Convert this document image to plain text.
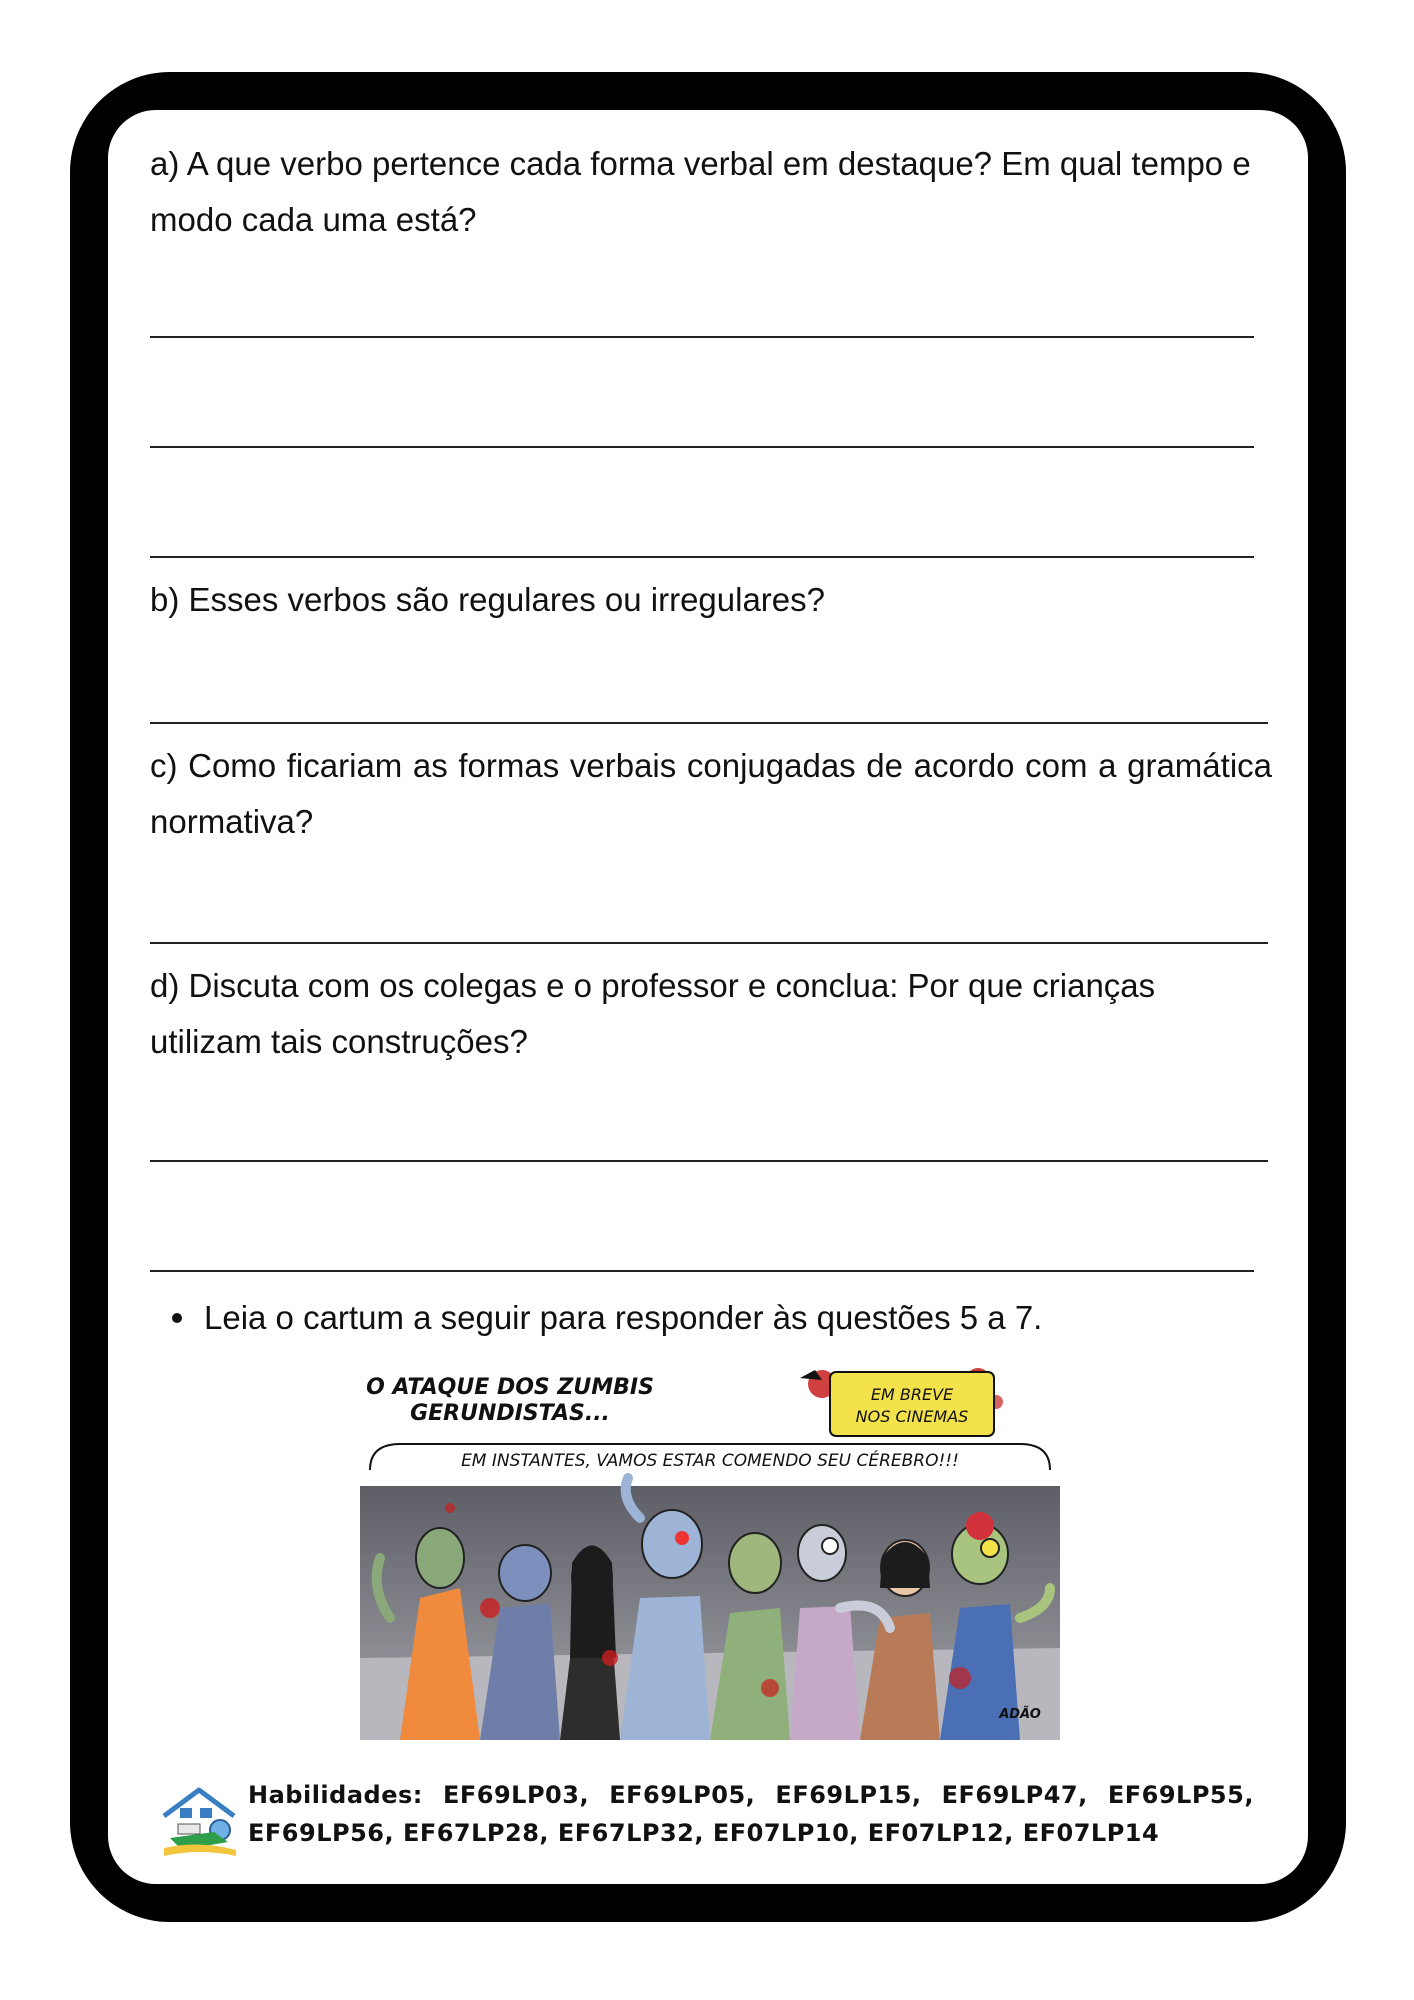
a) A que verbo pertence cada forma verbal em destaque? Em qual tempo e modo cada uma está?

b) Esses verbos são regulares ou irregulares?

c) Como ficariam as formas verbais conjugadas de acordo com a gramática normativa?

d) Discuta com os colegas e o professor e conclua: Por que crianças utilizam tais construções?

Leia o cartum a seguir para responder às questões 5 a 7.
O ATAQUE DOS ZUMBIS
GERUNDISTAS...
EM BREVE
NOS CINEMAS
EM INSTANTES, VAMOS ESTAR COMENDO SEU CÉREBRO!!!
ADÃO
Habilidades: EF69LP03, EF69LP05, EF69LP15, EF69LP47, EF69LP55,
EF69LP56, EF67LP28, EF67LP32, EF07LP10, EF07LP12, EF07LP14
